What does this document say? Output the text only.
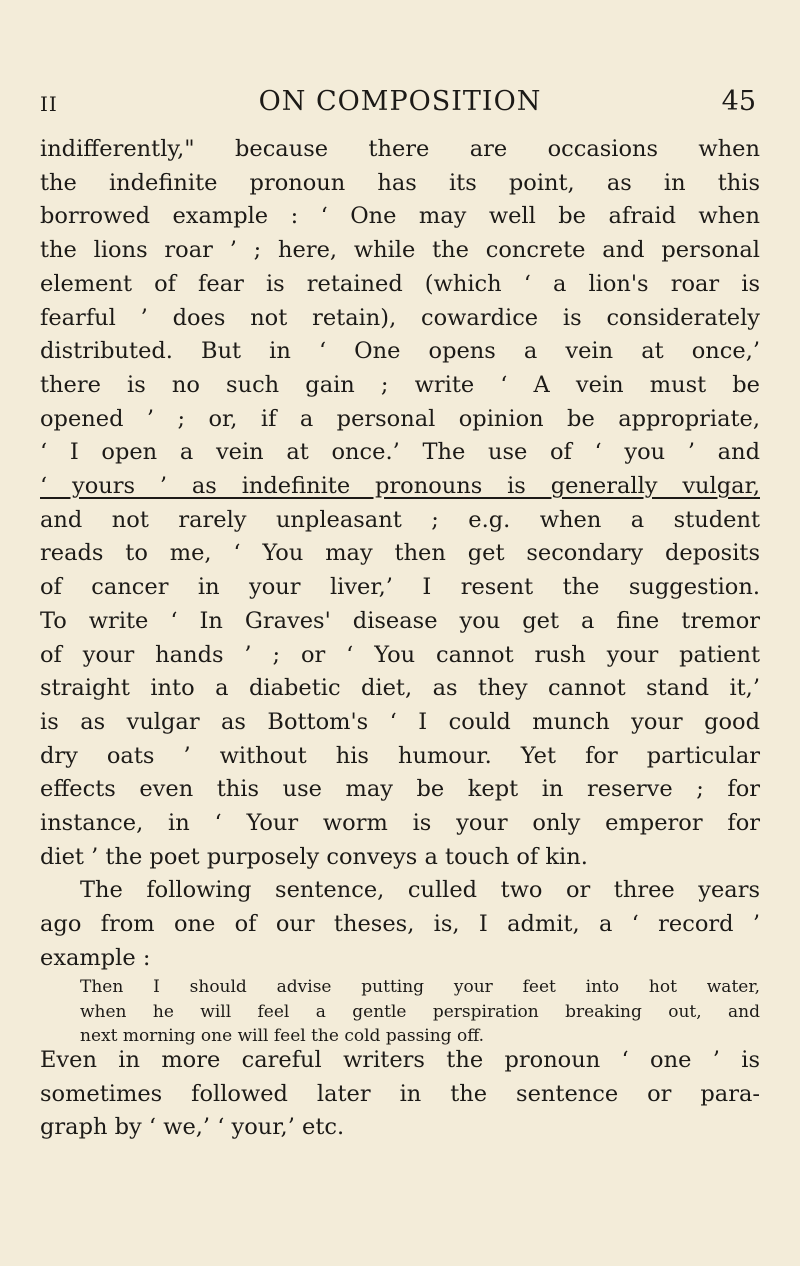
II	ON COMPOSITION	45
indifferently," because there are occasions when
the indefinite pronoun has its point, as in this
borrowed example : ‘ One may well be afraid when
the lions roar ’ ; here, while the concrete and personal
element of fear is retained (which ‘ a lion's roar is
fearful ’ does not retain), cowardice is considerately
distributed. But in ‘ One opens a vein at once,’
there is no such gain ; write ‘ A vein must be
opened ’ ; or, if a personal opinion be appropriate,
‘ I open a vein at once.’ The use of ‘ you ’ and
‘ yours ’ as indefinite pronouns is generally vulgar,
and not rarely unpleasant ; e.g. when a student
reads to me, ‘ You may then get secondary deposits
of cancer in your liver,’ I resent the suggestion.
To write ‘ In Graves' disease you get a fine tremor
of your hands ’ ; or ‘ You cannot rush your patient
straight into a diabetic diet, as they cannot stand it,’
is as vulgar as Bottom's ‘ I could munch your good
dry oats ’ without his humour. Yet for particular
effects even this use may be kept in reserve ; for
instance, in ‘ Your worm is your only emperor for
diet ’ the poet purposely conveys a touch of kin.
The following sentence, culled two or three years
ago from one of our theses, is, I admit, a ‘ record ’
example :
Then I should advise putting your feet into hot water,
when he will feel a gentle perspiration breaking out, and
next morning one will feel the cold passing off.
Even in more careful writers the pronoun ‘ one ’ is
sometimes followed later in the sentence or para-
graph by ‘ we,’ ‘ your,’ etc.
